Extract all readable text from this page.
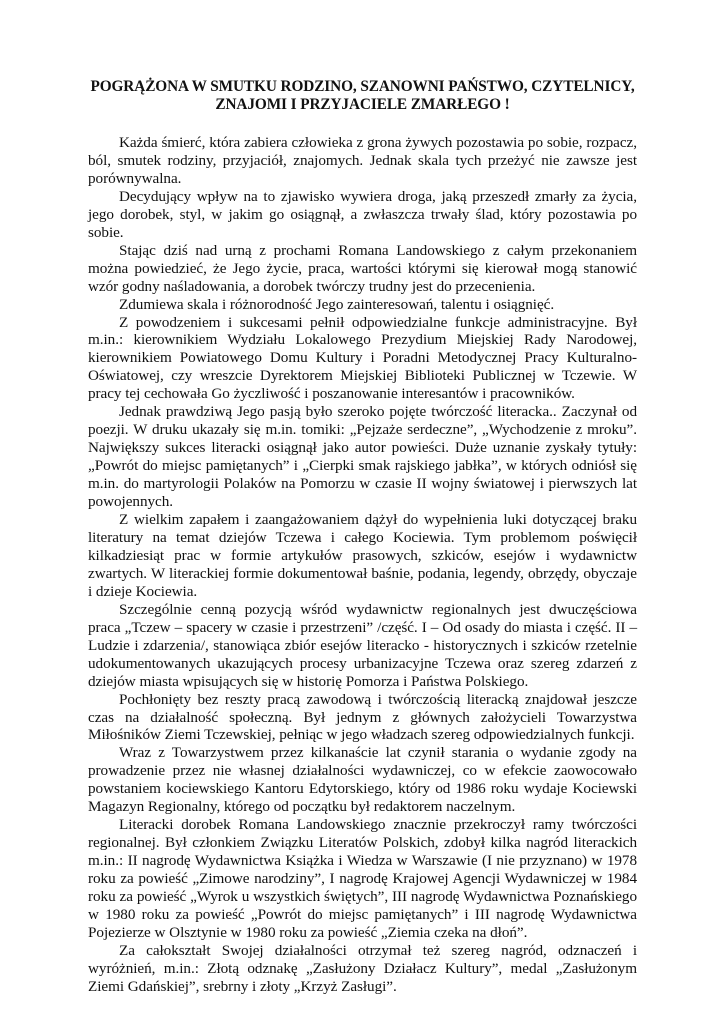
POGRĄŻONA W SMUTKU RODZINO, SZANOWNI PAŃSTWO, CZYTELNICY,
ZNAJOMI I PRZYJACIELE ZMARŁEGO !

Każda śmierć, która zabiera człowieka z grona żywych pozostawia po sobie, rozpacz, ból, smutek rodziny, przyjaciół, znajomych. Jednak skala tych przeżyć nie zawsze jest porównywalna.

Decydujący wpływ na to zjawisko wywiera droga, jaką przeszedł zmarły za życia, jego dorobek, styl, w jakim go osiągnął, a zwłaszcza trwały ślad, który pozostawia po sobie.

Stając dziś nad urną z prochami Romana Landowskiego z całym przekonaniem można powiedzieć, że Jego życie, praca, wartości którymi się kierował mogą stanowić wzór godny naśladowania, a dorobek twórczy trudny jest do przecenienia.

Zdumiewa skala i różnorodność Jego zainteresowań, talentu i osiągnięć.

Z powodzeniem i sukcesami pełnił odpowiedzialne funkcje administracyjne. Był m.in.: kierownikiem Wydziału Lokalowego Prezydium Miejskiej Rady Narodowej, kierownikiem Powiatowego Domu Kultury i Poradni Metodycznej Pracy Kulturalno-Oświatowej, czy wreszcie Dyrektorem Miejskiej Biblioteki Publicznej w Tczewie. W pracy tej cechowała Go życzliwość i poszanowanie interesantów i pracowników.

Jednak prawdziwą Jego pasją było szeroko pojęte twórczość literacka.. Zaczynał od poezji. W druku ukazały się m.in. tomiki: „Pejzaże serdeczne”, „Wychodzenie z mroku”. Największy sukces literacki osiągnął jako autor powieści. Duże uznanie zyskały tytuły: „Powrót do miejsc pamiętanych” i „Cierpki smak rajskiego jabłka”, w których odniósł się m.in. do martyrologii Polaków na Pomorzu w czasie II wojny światowej i pierwszych lat powojennych.

Z wielkim zapałem i zaangażowaniem dążył do wypełnienia luki dotyczącej braku literatury na temat dziejów Tczewa i całego Kociewia. Tym problemom poświęcił kilkadziesiąt prac w formie artykułów prasowych, szkiców, esejów i wydawnictw zwartych. W literackiej formie dokumentował baśnie, podania, legendy, obrzędy, obyczaje i dzieje Kociewia.

Szczególnie cenną pozycją wśród wydawnictw regionalnych jest dwuczęściowa praca „Tczew – spacery w czasie i przestrzeni” /część. I – Od osady do miasta i część. II – Ludzie i zdarzenia/, stanowiąca zbiór esejów literacko - historycznych i szkiców rzetelnie udokumentowanych ukazujących procesy urbanizacyjne Tczewa oraz szereg zdarzeń z dziejów miasta wpisujących się w historię Pomorza i Państwa Polskiego.

Pochłonięty bez reszty pracą zawodową i twórczością literacką znajdował jeszcze czas na działalność społeczną. Był jednym z głównych założycieli Towarzystwa Miłośników Ziemi Tczewskiej, pełniąc w jego władzach szereg odpowiedzialnych funkcji.

Wraz z Towarzystwem przez kilkanaście lat czynił starania o wydanie zgody na prowadzenie przez nie własnej działalności wydawniczej, co w efekcie zaowocowało powstaniem kociewskiego Kantoru Edytorskiego, który od 1986 roku wydaje Kociewski Magazyn Regionalny, którego od początku był redaktorem naczelnym.

Literacki dorobek Romana Landowskiego znacznie przekroczył ramy twórczości regionalnej. Był członkiem Związku Literatów Polskich, zdobył kilka nagród literackich m.in.: II nagrodę Wydawnictwa Książka i Wiedza w Warszawie (I nie przyznano) w 1978 roku za powieść „Zimowe narodziny”, I nagrodę Krajowej Agencji Wydawniczej w 1984 roku za powieść „Wyrok u wszystkich świętych”, III nagrodę Wydawnictwa Poznańskiego w 1980 roku za powieść „Powrót do miejsc pamiętanych” i III nagrodę Wydawnictwa Pojezierze w Olsztynie w 1980 roku za powieść „Ziemia czeka na dłoń”.

Za całokształt Swojej działalności otrzymał też szereg nagród, odznaczeń i wyróżnień, m.in.: Złotą odznakę „Zasłużony Działacz Kultury”, medal „Zasłużonym Ziemi Gdańskiej”, srebrny i złoty „Krzyż Zasługi”.
